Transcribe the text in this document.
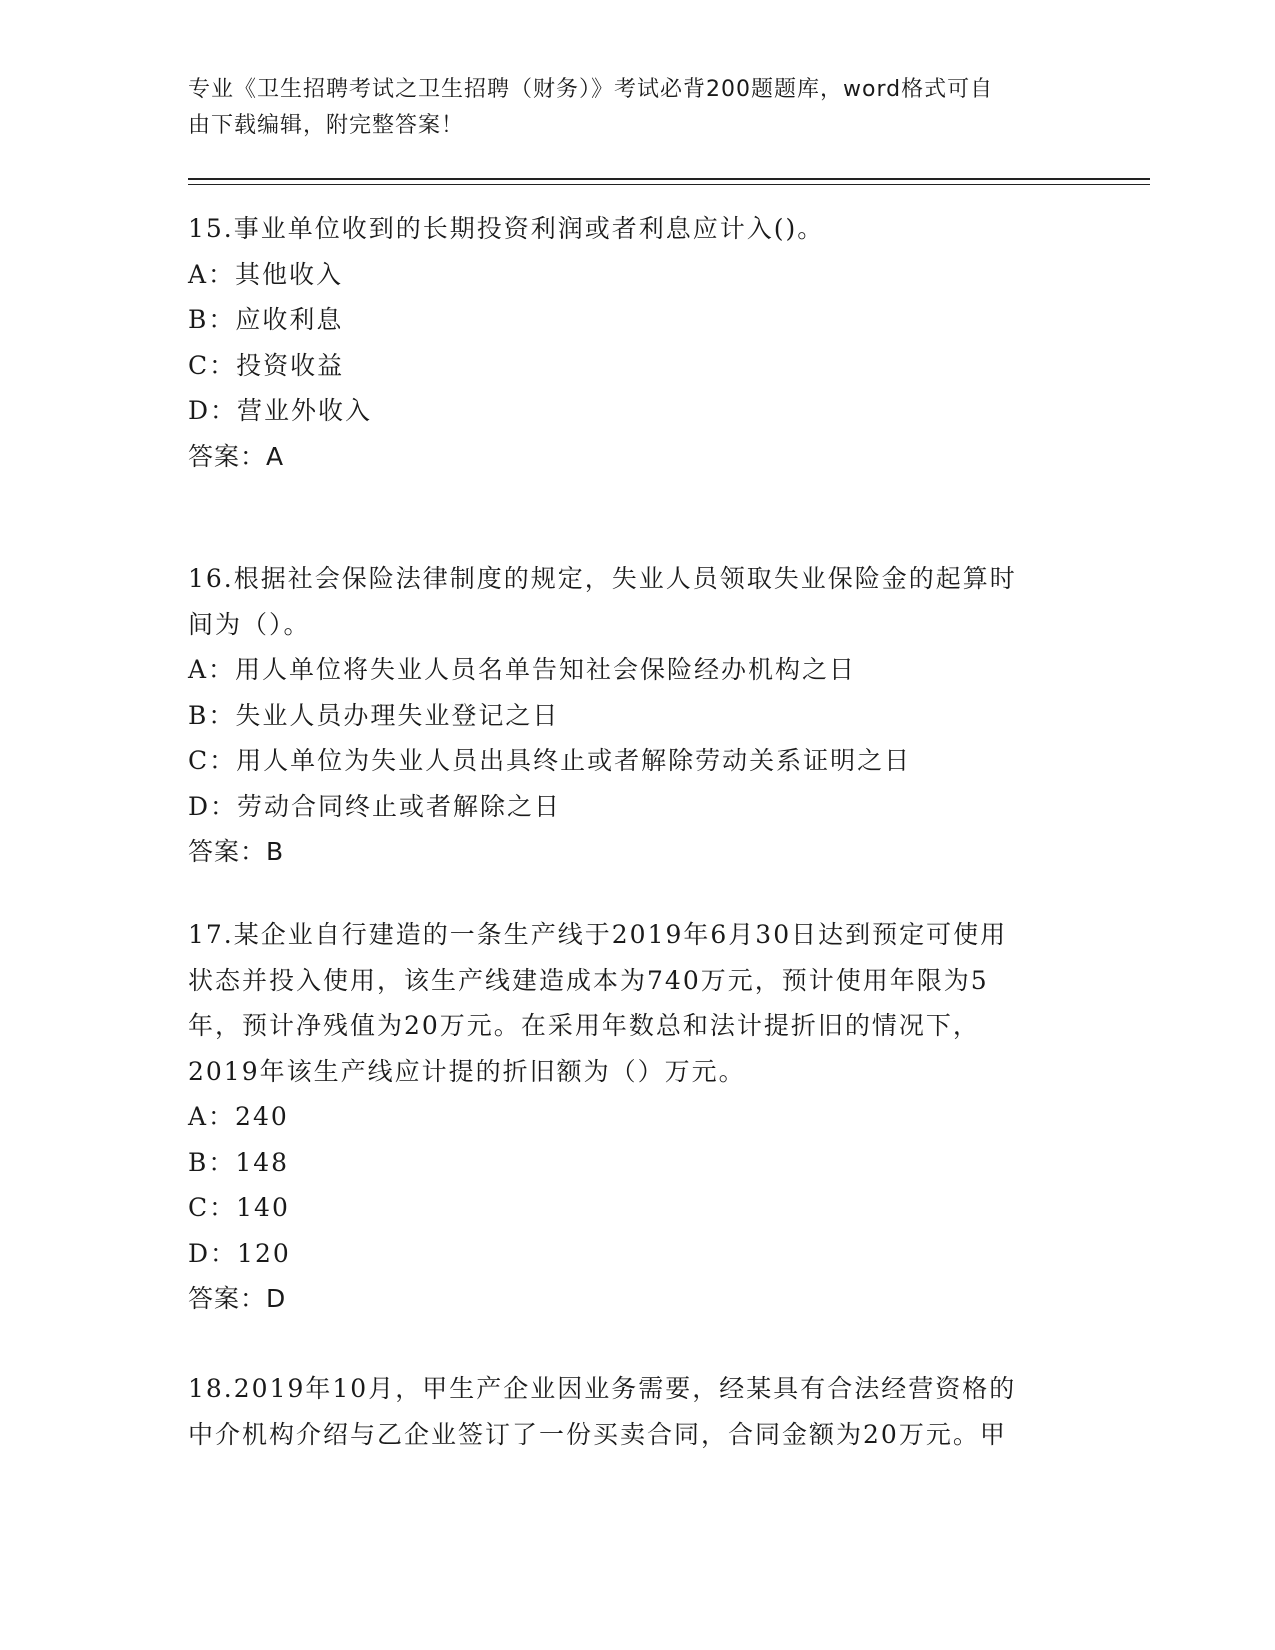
专业《卫生招聘考试之卫生招聘（财务）》考试必背200题题库，word格式可自
由下载编辑，附完整答案！
15.事业单位收到的长期投资利润或者利息应计入()。
A：其他收入
B：应收利息
C：投资收益
D：营业外收入
答案：A
16.根据社会保险法律制度的规定，失业人员领取失业保险金的起算时
间为（）。
A：用人单位将失业人员名单告知社会保险经办机构之日
B：失业人员办理失业登记之日
C：用人单位为失业人员出具终止或者解除劳动关系证明之日
D：劳动合同终止或者解除之日
答案：B
17.某企业自行建造的一条生产线于2019年6月30日达到预定可使用
状态并投入使用，该生产线建造成本为740万元，预计使用年限为5
年，预计净残值为20万元。在采用年数总和法计提折旧的情况下，
2019年该生产线应计提的折旧额为（）万元。
A：240
B：148
C：140
D：120
答案：D
18.2019年10月，甲生产企业因业务需要，经某具有合法经营资格的
中介机构介绍与乙企业签订了一份买卖合同，合同金额为20万元。甲
